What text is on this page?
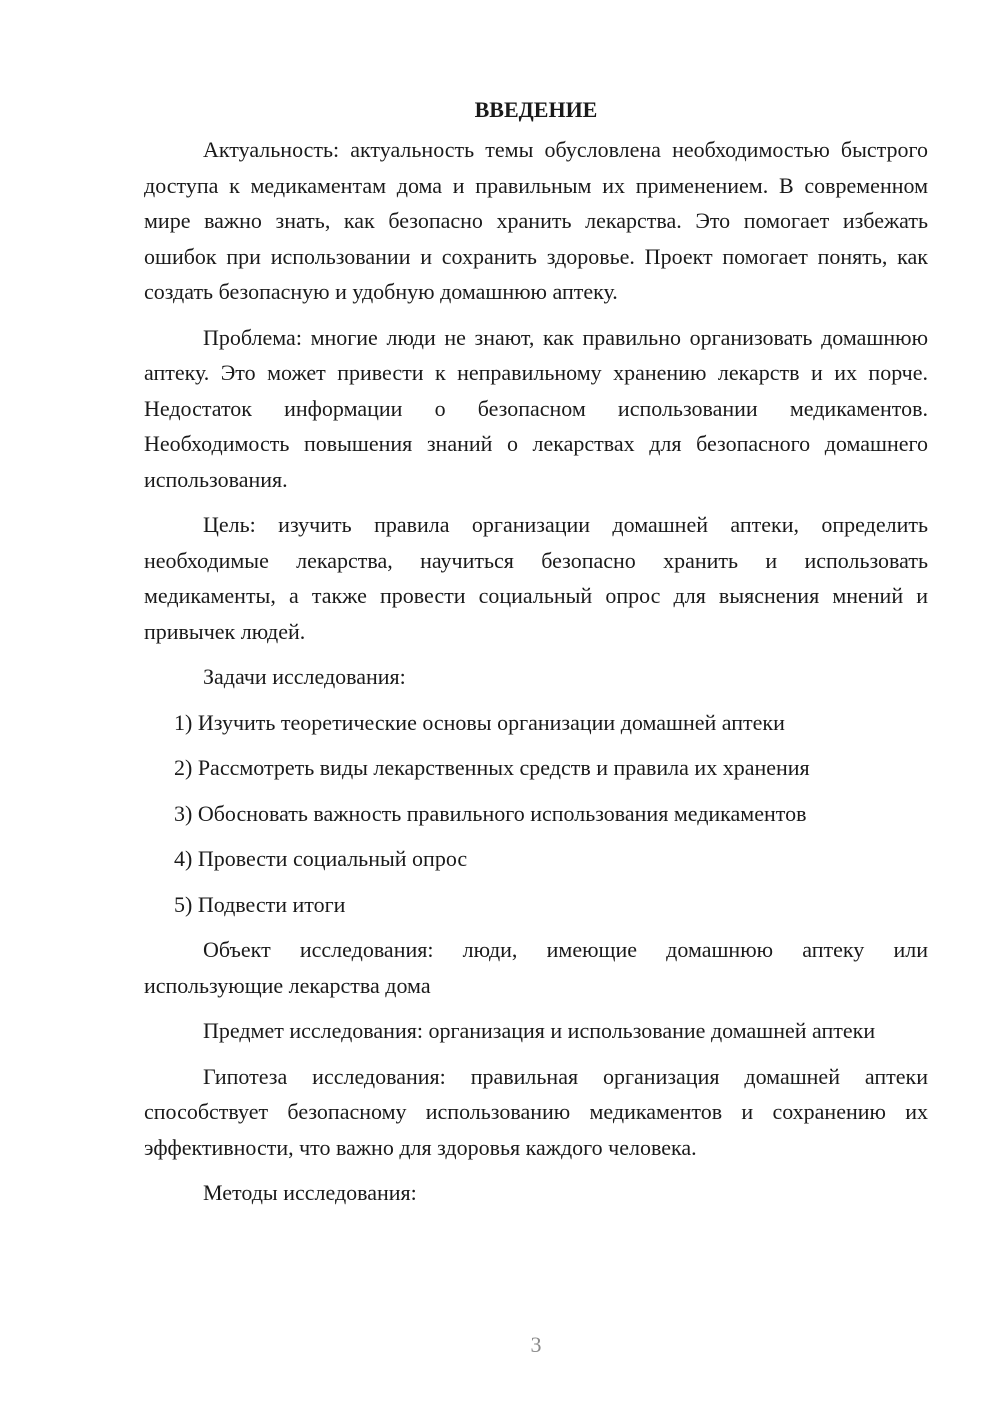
ВВЕДЕНИЕ

Актуальность: актуальность темы обусловлена необходимостью быстрого доступа к медикаментам дома и правильным их применением. В современном мире важно знать, как безопасно хранить лекарства. Это помогает избежать ошибок при использовании и сохранить здоровье. Проект помогает понять, как создать безопасную и удобную домашнюю аптеку.

Проблема: многие люди не знают, как правильно организовать домашнюю аптеку. Это может привести к неправильному хранению лекарств и их порче. Недостаток информации о безопасном использовании медикаментов. Необходимость повышения знаний о лекарствах для безопасного домашнего использования.

Цель: изучить правила организации домашней аптеки, определить необходимые лекарства, научиться безопасно хранить и использовать медикаменты, а также провести социальный опрос для выяснения мнений и привычек людей.

Задачи исследования:

1) Изучить теоретические основы организации домашней аптеки
2) Рассмотреть виды лекарственных средств и правила их хранения
3) Обосновать важность правильного использования медикаментов
4) Провести социальный опрос
5) Подвести итоги

Объект исследования: люди, имеющие домашнюю аптеку или использующие лекарства дома

Предмет исследования: организация и использование домашней аптеки

Гипотеза исследования: правильная организация домашней аптеки способствует безопасному использованию медикаментов и сохранению их эффективности, что важно для здоровья каждого человека.

Методы исследования:

3
